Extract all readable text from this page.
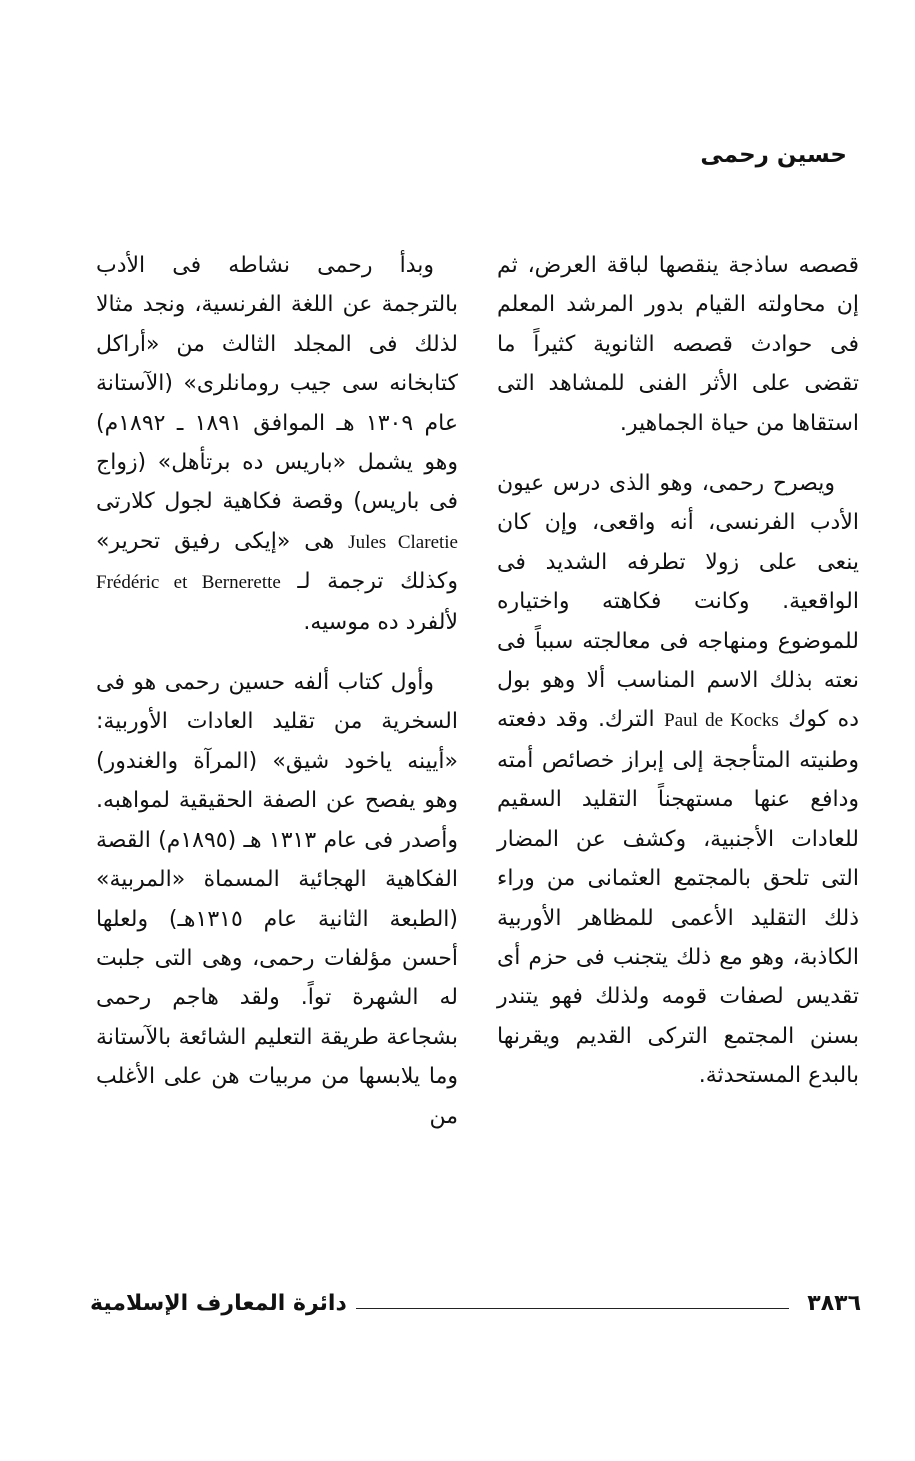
حسين رحمى

قصصه ساذجة ينقصها لباقة العرض، ثم إن محاولته القيام بدور المرشد المعلم فى حوادث قصصه الثانوية كثيراً ما تقضى على الأثر الفنى للمشاهد التى استقاها من حياة الجماهير.

ويصرح رحمى، وهو الذى درس عيون الأدب الفرنسى، أنه واقعى، وإن كان ينعى على زولا تطرفه الشديد فى الواقعية. وكانت فكاهته واختياره للموضوع ومنهاجه فى معالجته سبباً فى نعته بذلك الاسم المناسب ألا وهو بول ده كوك Paul de Kocks الترك. وقد دفعته وطنيته المتأججة إلى إبراز خصائص أمته ودافع عنها مستهجناً التقليد السقيم للعادات الأجنبية، وكشف عن المضار التى تلحق بالمجتمع العثمانى من وراء ذلك التقليد الأعمى للمظاهر الأوربية الكاذبة، وهو مع ذلك يتجنب فى حزم أى تقديس لصفات قومه ولذلك فهو يتندر بسنن المجتمع التركى القديم ويقرنها بالبدع المستحدثة.

وبدأ رحمى نشاطه فى الأدب بالترجمة عن اللغة الفرنسية، ونجد مثالا لذلك فى المجلد الثالث من «أراكل كتابخانه سى جيب رومانلرى» (الآستانة عام ١٣٠٩ هـ الموافق ١٨٩١ ـ ١٨٩٢م) وهو يشمل «باريس ده برتأهل» (زواج فى باريس) وقصة فكاهية لجول كلارتى Jules Claretie هى «إيكى رفيق تحرير» وكذلك ترجمة لـ Frédéric et Bernerette لألفرد ده موسيه.

وأول كتاب ألفه حسين رحمى هو فى السخرية من تقليد العادات الأوربية: «أيينه ياخود شيق» (المرآة والغندور) وهو يفصح عن الصفة الحقيقية لمواهبه. وأصدر فى عام ١٣١٣ هـ (١٨٩٥م) القصة الفكاهية الهجائية المسماة «المربية» (الطبعة الثانية عام ١٣١٥هـ) ولعلها أحسن مؤلفات رحمى، وهى التى جلبت له الشهرة تواً. ولقد هاجم رحمى بشجاعة طريقة التعليم الشائعة بالآستانة وما يلابسها من مربيات هن على الأغلب من

٣٨٣٦
دائرة المعارف الإسلامية
